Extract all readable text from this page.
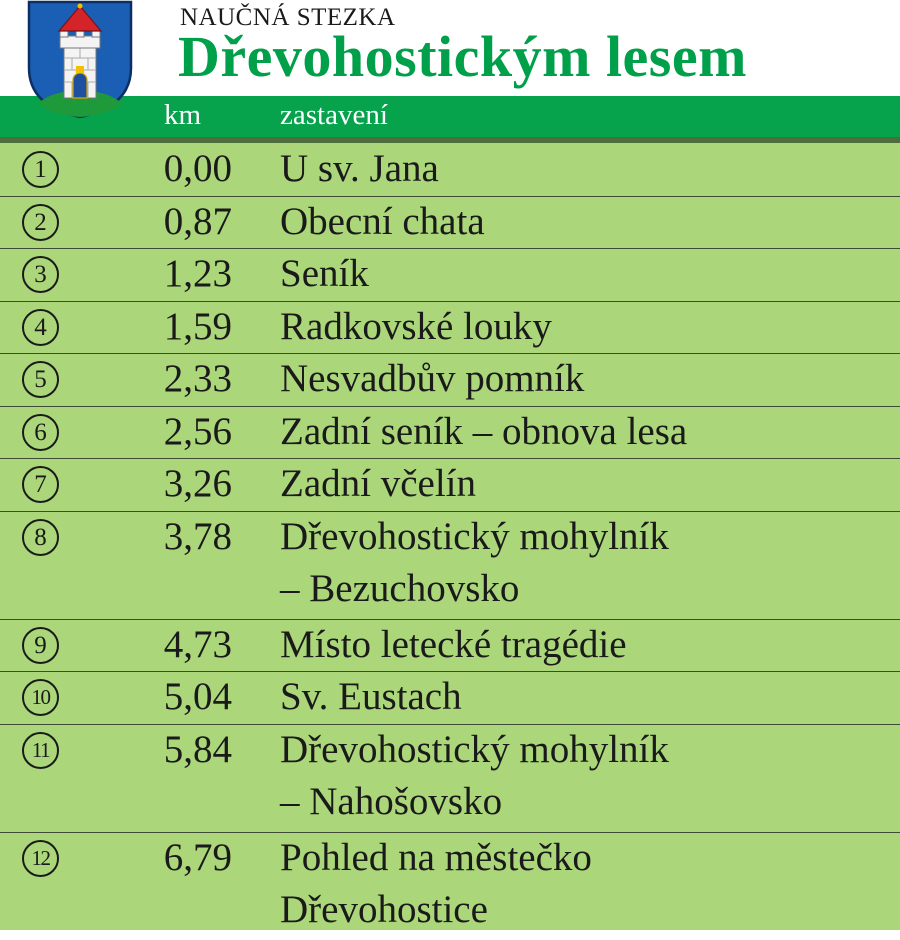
NAUČNÁ STEZKA
Dřevohostickým lesem
km	zastavení
1	0,00 U sv. Jana
2	0,87 Obecní chata
3	1,23 Seník
4	1,59 Radkovské louky
5	2,33 Nesvadbův pomník
6	2,56 Zadní seník – obnova lesa
7	3,26 Zadní včelín
8	3,78 Dřevohostický mohylník
– Bezuchovsko
9	4,73 Místo letecké tragédie
10	5,04 Sv. Eustach
11	5,84 Dřevohostický mohylník
– Nahošovsko
12	6,79 Pohled na městečko
Dřevohostice
